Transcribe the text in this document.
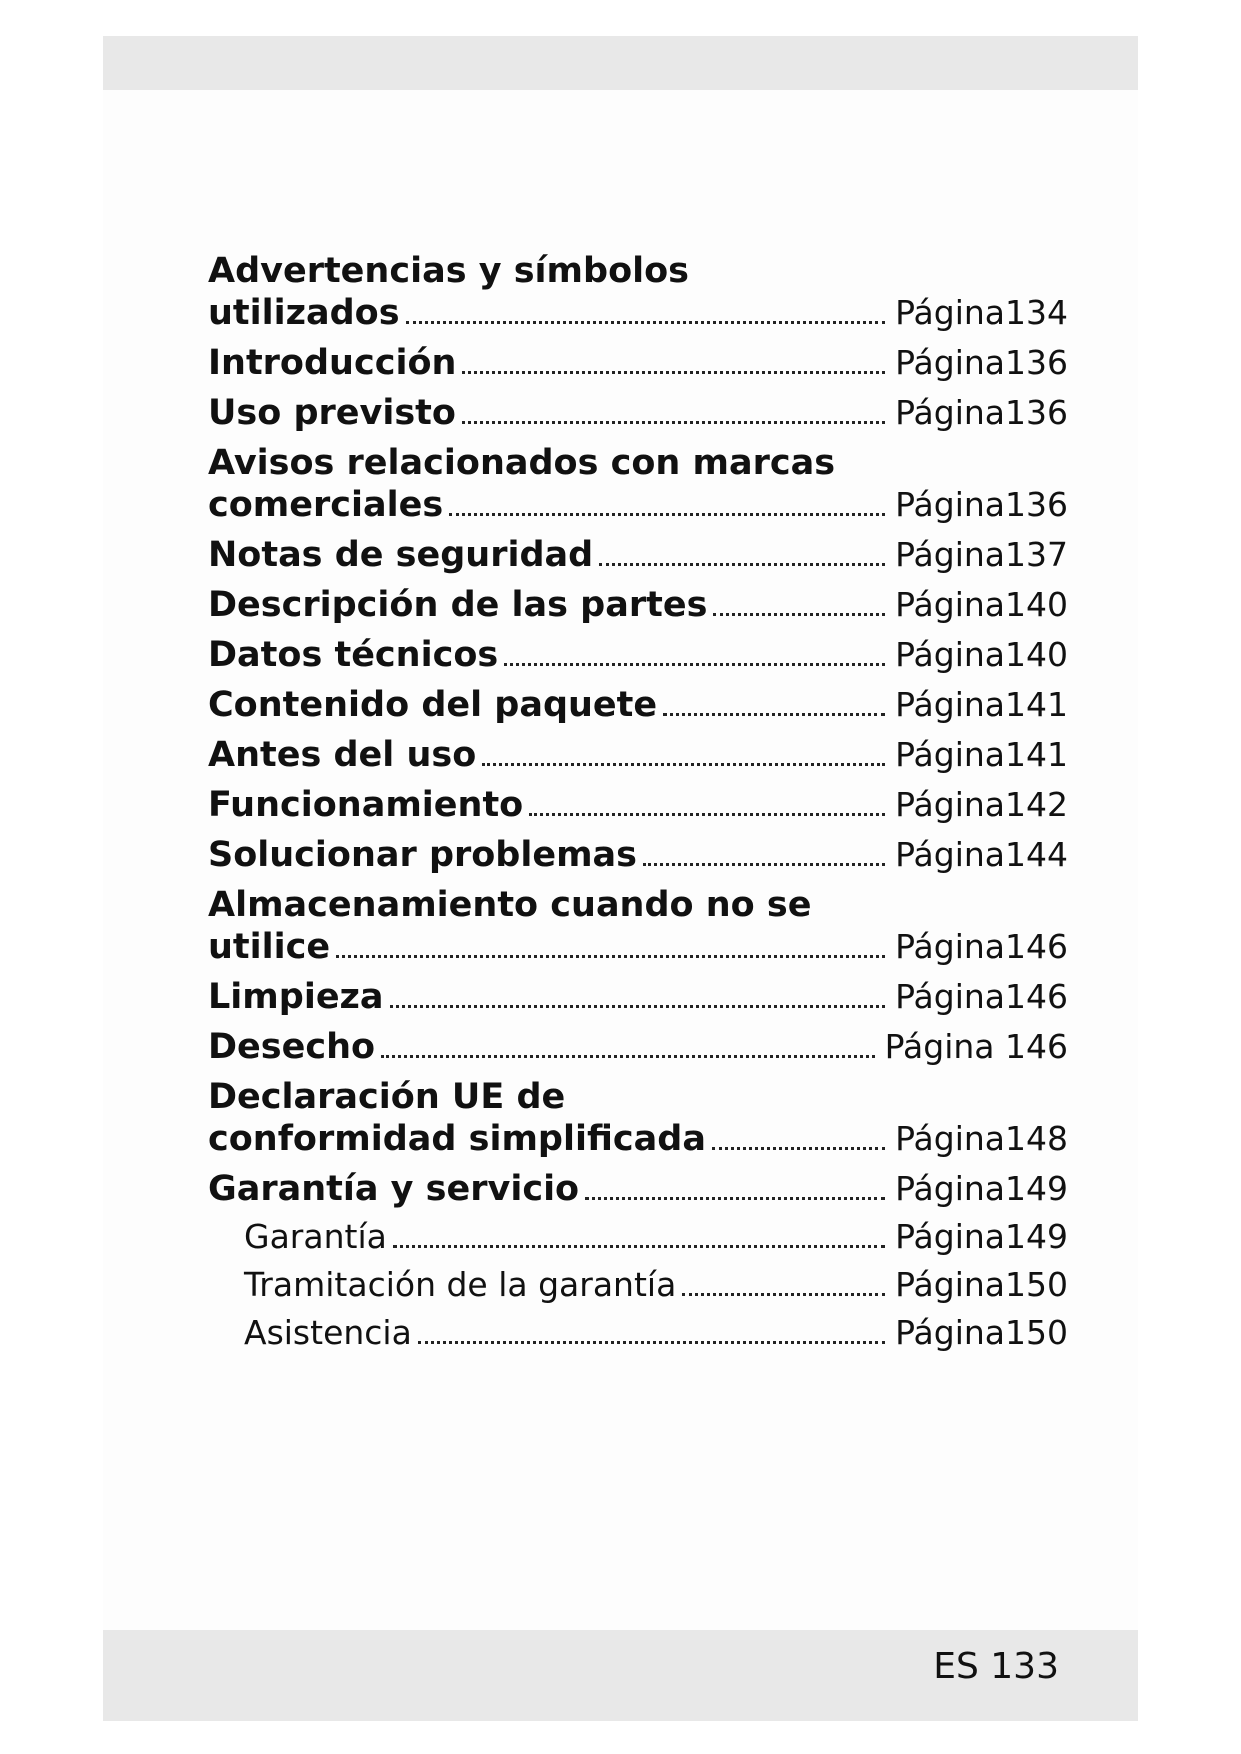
Advertencias y símbolos
utilizados	Página134
Introducción	Página136
Uso previsto	Página136
Avisos relacionados con marcas
comerciales	Página136
Notas de seguridad	Página137
Descripción de las partes	Página140
Datos técnicos	Página140
Contenido del paquete	Página141
Antes del uso	Página141
Funcionamiento	Página142
Solucionar problemas	Página144
Almacenamiento cuando no se
utilice	Página146
Limpieza	Página146
Desecho	Página 146
Declaración UE de
conformidad simplificada	Página148
Garantía y servicio	Página149
Garantía	Página149
Tramitación de la garantía	Página150
Asistencia	Página150
ES 133
